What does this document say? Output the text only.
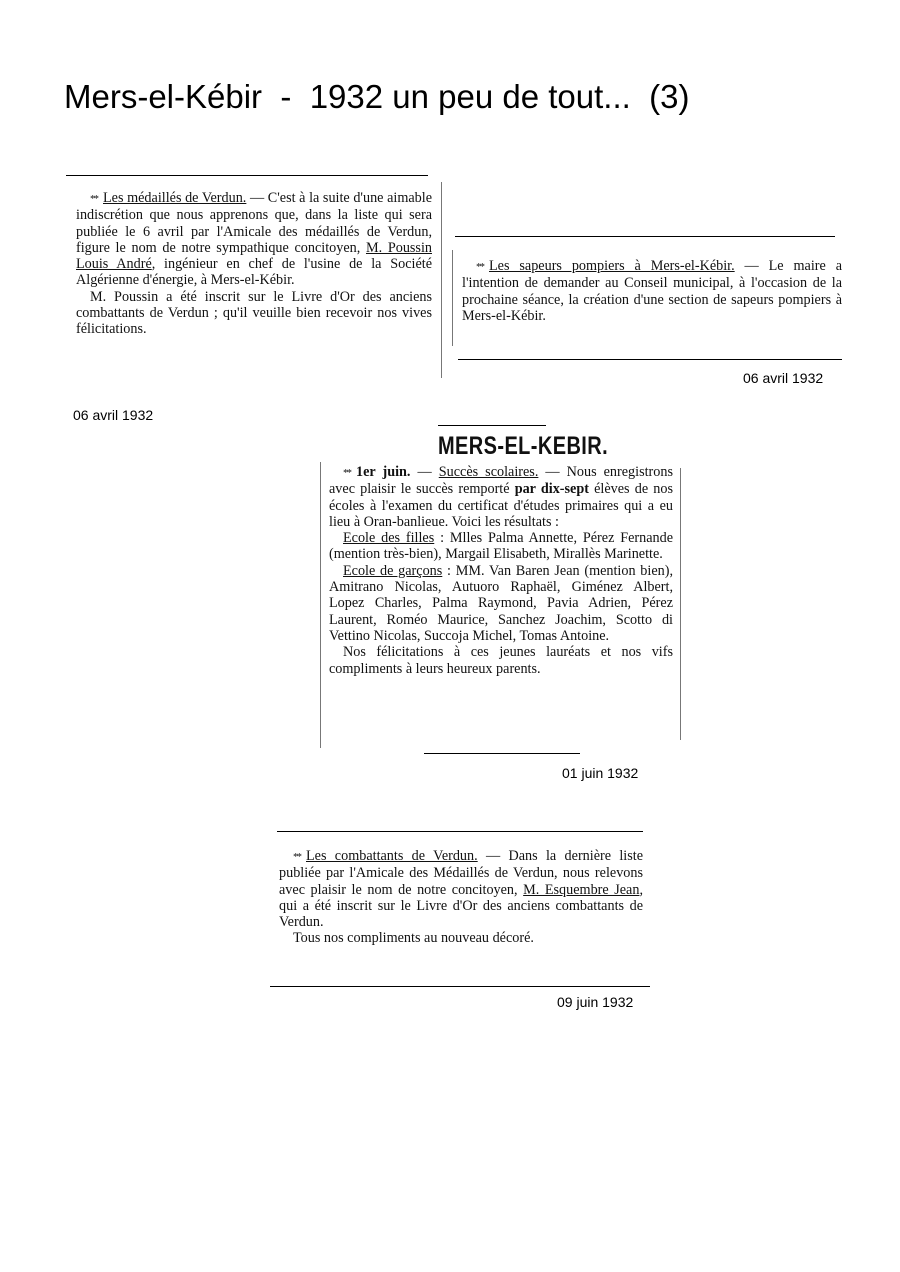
Mers-el-Kébir  -  1932 un peu de tout...  (3)

** Les médaillés de Verdun. — C'est à la suite d'une aimable indiscrétion que nous apprenons que, dans la liste qui sera publiée le 6 avril par l'Amicale des médaillés de Verdun, figure le nom de notre sympathique concitoyen, M. Poussin Louis André, ingénieur en chef de l'usine de la Société Algérienne d'énergie, à Mers-el-Kébir.

M. Poussin a été inscrit sur le Livre d'Or des anciens combattants de Verdun ; qu'il veuille bien recevoir nos vives félicitations.

06 avril 1932

** Les sapeurs pompiers à Mers-el-Kébir. — Le maire a l'intention de demander au Conseil municipal, à l'occasion de la prochaine séance, la création d'une section de sapeurs pompiers à Mers-el-Kébir.

06 avril 1932
MERS-EL-KEBIR.

** 1er juin. — Succès scolaires. — Nous enregistrons avec plaisir le succès remporté par dix-sept élèves de nos écoles à l'examen du certificat d'études primaires qui a eu lieu à Oran-banlieue. Voici les résultats :

Ecole des filles : Mlles Palma Annette, Pérez Fernande (mention très-bien), Margail Elisabeth, Mirallès Marinette.

Ecole de garçons : MM. Van Baren Jean (mention bien), Amitrano Nicolas, Autuoro Raphaël, Giménez Albert, Lopez Charles, Palma Raymond, Pavia Adrien, Pérez Laurent, Roméo Maurice, Sanchez Joachim, Scotto di Vettino Nicolas, Succoja Michel, Tomas Antoine.

Nos félicitations à ces jeunes lauréats et nos vifs compliments à leurs heureux parents.

01 juin 1932

** Les combattants de Verdun. — Dans la dernière liste publiée par l'Amicale des Médaillés de Verdun, nous relevons avec plaisir le nom de notre concitoyen, M. Esquembre Jean, qui a été inscrit sur le Livre d'Or des anciens combattants de Verdun.

Tous nos compliments au nouveau décoré.

09 juin 1932
